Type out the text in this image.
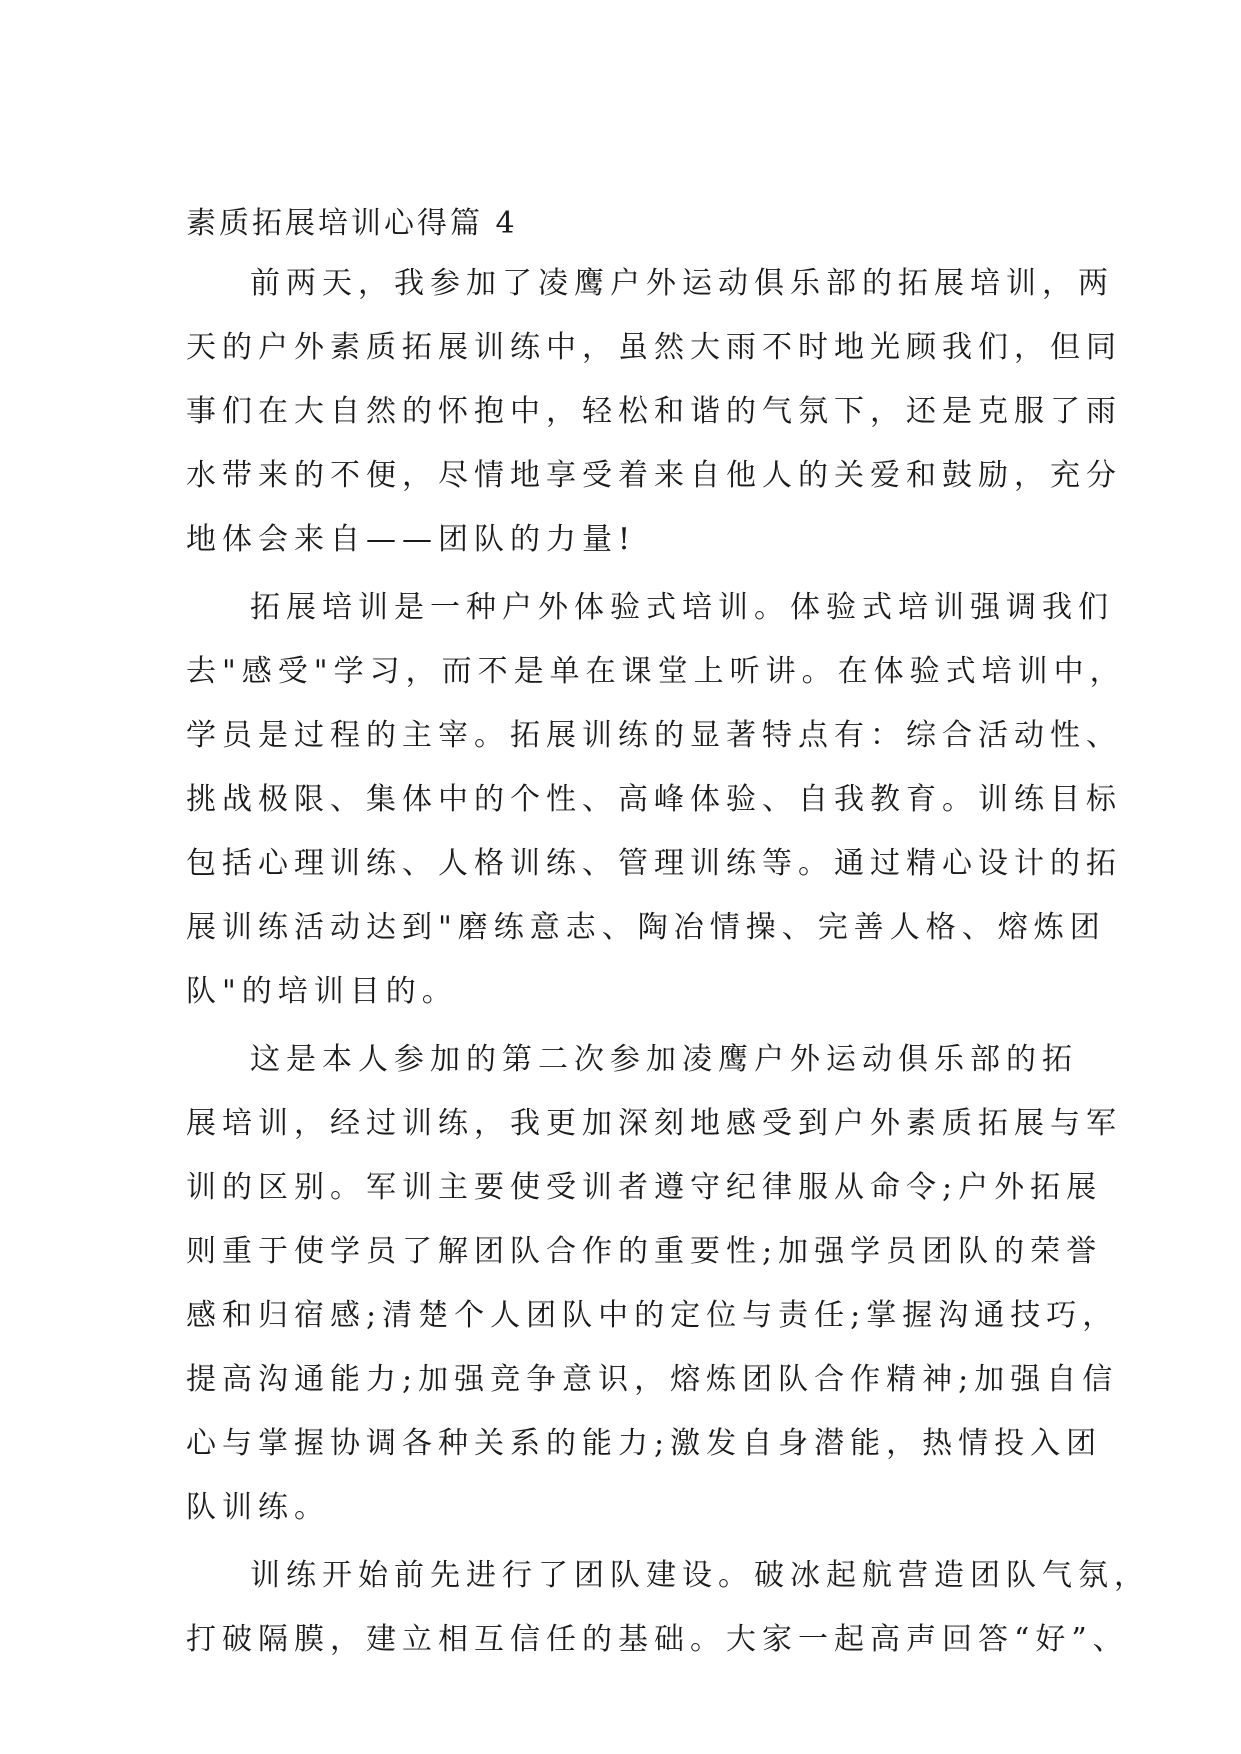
素质拓展培训心得篇 4

前两天，我参加了凌鹰户外运动俱乐部的拓展培训，两
天的户外素质拓展训练中，虽然大雨不时地光顾我们，但同
事们在大自然的怀抱中，轻松和谐的气氛下，还是克服了雨
水带来的不便，尽情地享受着来自他人的关爱和鼓励，充分
地体会来自——团队的力量!

拓展培训是一种户外体验式培训。体验式培训强调我们
去"感受"学习，而不是单在课堂上听讲。在体验式培训中，
学员是过程的主宰。拓展训练的显著特点有：综合活动性、
挑战极限、集体中的个性、高峰体验、自我教育。训练目标
包括心理训练、人格训练、管理训练等。通过精心设计的拓
展训练活动达到"磨练意志、陶冶情操、完善人格、熔炼团
队"的培训目的。

这是本人参加的第二次参加凌鹰户外运动俱乐部的拓
展培训，经过训练，我更加深刻地感受到户外素质拓展与军
训的区别。军训主要使受训者遵守纪律服从命令;户外拓展
则重于使学员了解团队合作的重要性;加强学员团队的荣誉
感和归宿感;清楚个人团队中的定位与责任;掌握沟通技巧，
提高沟通能力;加强竞争意识，熔炼团队合作精神;加强自信
心与掌握协调各种关系的能力;激发自身潜能，热情投入团
队训练。

训练开始前先进行了团队建设。破冰起航营造团队气氛，
打破隔膜，建立相互信任的基础。大家一起高声回答“好”、
